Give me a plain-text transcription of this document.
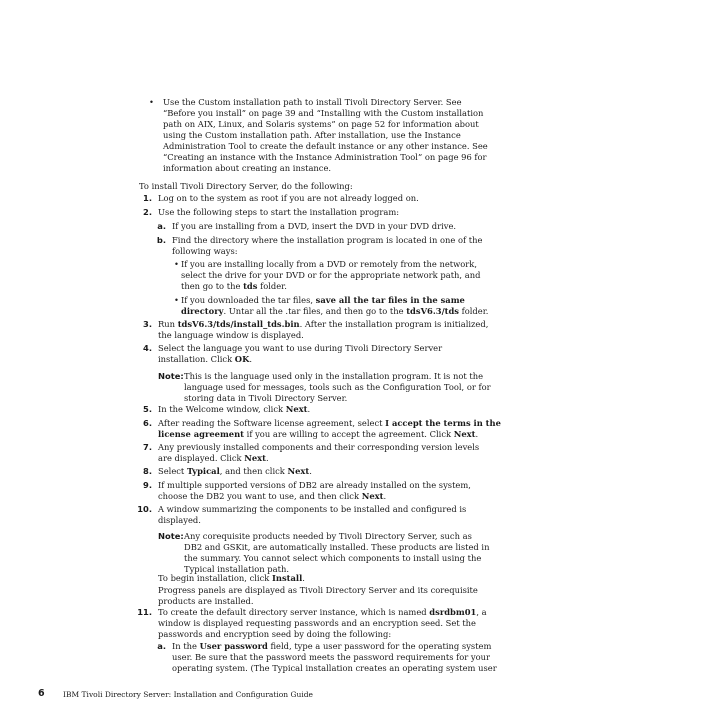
• Use the Custom installation path to install Tivoli Directory Server. See
“Before you install” on page 39 and “Installing with the Custom installation
path on AIX, Linux, and Solaris systems” on page 52 for information about
using the Custom installation path. After installation, use the Instance
Administration Tool to create the default instance or any other instance. See
“Creating an instance with the Instance Administration Tool” on page 96 for
information about creating an instance.
To install Tivoli Directory Server, do the following:
1. Log on to the system as root if you are not already logged on.
2. Use the following steps to start the installation program:
a. If you are installing from a DVD, insert the DVD in your DVD drive.
b. Find the directory where the installation program is located in one of the
following ways:
• If you are installing locally from a DVD or remotely from the network,
select the drive for your DVD or for the appropriate network path, and
then go to the tds folder.
• If you downloaded the tar files, save all the tar files in the same
directory. Untar all the .tar files, and then go to the tdsV6.3/tds folder.
3. Run tdsV6.3/tds/install_tds.bin. After the installation program is initialized,
the language window is displayed.
4. Select the language you want to use during Tivoli Directory Server
installation. Click OK.
Note: This is the language used only in the installation program. It is not the
language used for messages, tools such as the Configuration Tool, or for
storing data in Tivoli Directory Server.
5. In the Welcome window, click Next.
6. After reading the Software license agreement, select I accept the terms in the
license agreement if you are willing to accept the agreement. Click Next.
7. Any previously installed components and their corresponding version levels
are displayed. Click Next.
8. Select Typical, and then click Next.
9. If multiple supported versions of DB2 are already installed on the system,
choose the DB2 you want to use, and then click Next.
10. A window summarizing the components to be installed and configured is
displayed.
Note: Any corequisite products needed by Tivoli Directory Server, such as
DB2 and GSKit, are automatically installed. These products are listed in
the summary. You cannot select which components to install using the
Typical installation path.
To begin installation, click Install.
Progress panels are displayed as Tivoli Directory Server and its corequisite
products are installed.
11. To create the default directory server instance, which is named dsrdbm01, a
window is displayed requesting passwords and an encryption seed. Set the
passwords and encryption seed by doing the following:
a. In the User password field, type a user password for the operating system
user. Be sure that the password meets the password requirements for your
operating system. (The Typical installation creates an operating system user
6 IBM Tivoli Directory Server: Installation and Configuration Guide
